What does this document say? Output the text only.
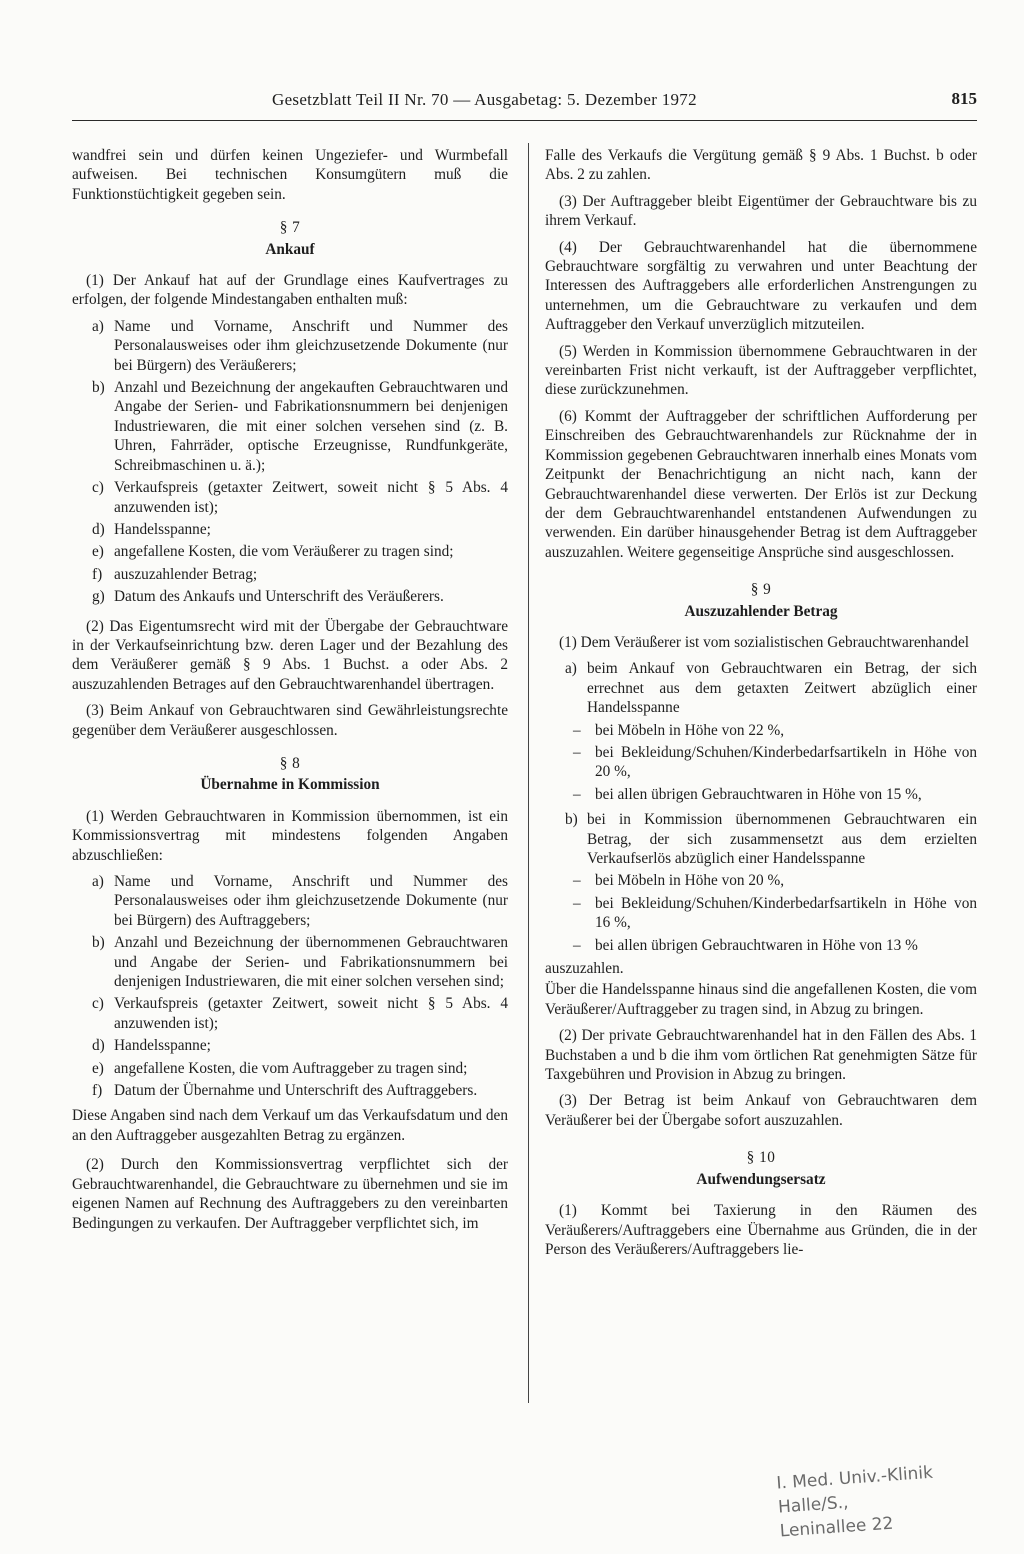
Gesetzblatt Teil II Nr. 70 — Ausgabetag: 5. Dezember 1972	815

wandfrei sein und dürfen keinen Ungeziefer- und Wurmbefall aufweisen. Bei technischen Konsumgütern muß die Funktionstüchtigkeit gegeben sein.

§ 7
Ankauf

(1) Der Ankauf hat auf der Grundlage eines Kaufvertrages zu erfolgen, der folgende Mindestangaben enthalten muß:

a) Name und Vorname, Anschrift und Nummer des Personalausweises oder ihm gleichzusetzende Dokumente (nur bei Bürgern) des Veräußerers;
b) Anzahl und Bezeichnung der angekauften Gebrauchtwaren und Angabe der Serien- und Fabrikationsnummern bei denjenigen Industriewaren, die mit einer solchen versehen sind (z. B. Uhren, Fahrräder, optische Erzeugnisse, Rundfunkgeräte, Schreibmaschinen u. ä.);
c) Verkaufspreis (getaxter Zeitwert, soweit nicht § 5 Abs. 4 anzuwenden ist);
d) Handelsspanne;
e) angefallene Kosten, die vom Veräußerer zu tragen sind;
f) auszuzahlender Betrag;
g) Datum des Ankaufs und Unterschrift des Veräußerers.

(2) Das Eigentumsrecht wird mit der Übergabe der Gebrauchtware in der Verkaufseinrichtung bzw. deren Lager und der Bezahlung des dem Veräußerer gemäß § 9 Abs. 1 Buchst. a oder Abs. 2 auszuzahlenden Betrages auf den Gebrauchtwarenhandel übertragen.

(3) Beim Ankauf von Gebrauchtwaren sind Gewährleistungsrechte gegenüber dem Veräußerer ausgeschlossen.

§ 8
Übernahme in Kommission

(1) Werden Gebrauchtwaren in Kommission übernommen, ist ein Kommissionsvertrag mit mindestens folgenden Angaben abzuschließen:

a) Name und Vorname, Anschrift und Nummer des Personalausweises oder ihm gleichzusetzende Dokumente (nur bei Bürgern) des Auftraggebers;
b) Anzahl und Bezeichnung der übernommenen Gebrauchtwaren und Angabe der Serien- und Fabrikationsnummern bei denjenigen Industriewaren, die mit einer solchen versehen sind;
c) Verkaufspreis (getaxter Zeitwert, soweit nicht § 5 Abs. 4 anzuwenden ist);
d) Handelsspanne;
e) angefallene Kosten, die vom Auftraggeber zu tragen sind;
f) Datum der Übernahme und Unterschrift des Auftraggebers.

Diese Angaben sind nach dem Verkauf um das Verkaufsdatum und den an den Auftraggeber ausgezahlten Betrag zu ergänzen.

(2) Durch den Kommissionsvertrag verpflichtet sich der Gebrauchtwarenhandel, die Gebrauchtware zu übernehmen und sie im eigenen Namen auf Rechnung des Auftraggebers zu den vereinbarten Bedingungen zu verkaufen. Der Auftraggeber verpflichtet sich, im

Falle des Verkaufs die Vergütung gemäß § 9 Abs. 1 Buchst. b oder Abs. 2 zu zahlen.

(3) Der Auftraggeber bleibt Eigentümer der Gebrauchtware bis zu ihrem Verkauf.

(4) Der Gebrauchtwarenhandel hat die übernommene Gebrauchtware sorgfältig zu verwahren und unter Beachtung der Interessen des Auftraggebers alle erforderlichen Anstrengungen zu unternehmen, um die Gebrauchtware zu verkaufen und dem Auftraggeber den Verkauf unverzüglich mitzuteilen.

(5) Werden in Kommission übernommene Gebrauchtwaren in der vereinbarten Frist nicht verkauft, ist der Auftraggeber verpflichtet, diese zurückzunehmen.

(6) Kommt der Auftraggeber der schriftlichen Aufforderung per Einschreiben des Gebrauchtwarenhandels zur Rücknahme der in Kommission gegebenen Gebrauchtwaren innerhalb eines Monats vom Zeitpunkt der Benachrichtigung an nicht nach, kann der Gebrauchtwarenhandel diese verwerten. Der Erlös ist zur Deckung der dem Gebrauchtwarenhandel entstandenen Aufwendungen zu verwenden. Ein darüber hinausgehender Betrag ist dem Auftraggeber auszuzahlen. Weitere gegenseitige Ansprüche sind ausgeschlossen.

§ 9
Auszuzahlender Betrag

(1) Dem Veräußerer ist vom sozialistischen Gebrauchtwarenhandel

a) beim Ankauf von Gebrauchtwaren ein Betrag, der sich errechnet aus dem getaxten Zeitwert abzüglich einer Handelsspanne
– bei Möbeln in Höhe von 22 %,
– bei Bekleidung/Schuhen/Kinderbedarfsartikeln in Höhe von 20 %,
– bei allen übrigen Gebrauchtwaren in Höhe von 15 %,
b) bei in Kommission übernommenen Gebrauchtwaren ein Betrag, der sich zusammensetzt aus dem erzielten Verkaufserlös abzüglich einer Handelsspanne
– bei Möbeln in Höhe von 20 %,
– bei Bekleidung/Schuhen/Kinderbedarfsartikeln in Höhe von 16 %,
– bei allen übrigen Gebrauchtwaren in Höhe von 13 %

auszuzahlen.

Über die Handelsspanne hinaus sind die angefallenen Kosten, die vom Veräußerer/Auftraggeber zu tragen sind, in Abzug zu bringen.

(2) Der private Gebrauchtwarenhandel hat in den Fällen des Abs. 1 Buchstaben a und b die ihm vom örtlichen Rat genehmigten Sätze für Taxgebühren und Provision in Abzug zu bringen.

(3) Der Betrag ist beim Ankauf von Gebrauchtwaren dem Veräußerer bei der Übergabe sofort auszuzahlen.

§ 10
Aufwendungsersatz

(1) Kommt bei Taxierung in den Räumen des Veräußerers/Auftraggebers eine Übernahme aus Gründen, die in der Person des Veräußerers/Auftraggebers lie-

I. Med. Univ.-Klinik
Halle/S., Leninallee 22
